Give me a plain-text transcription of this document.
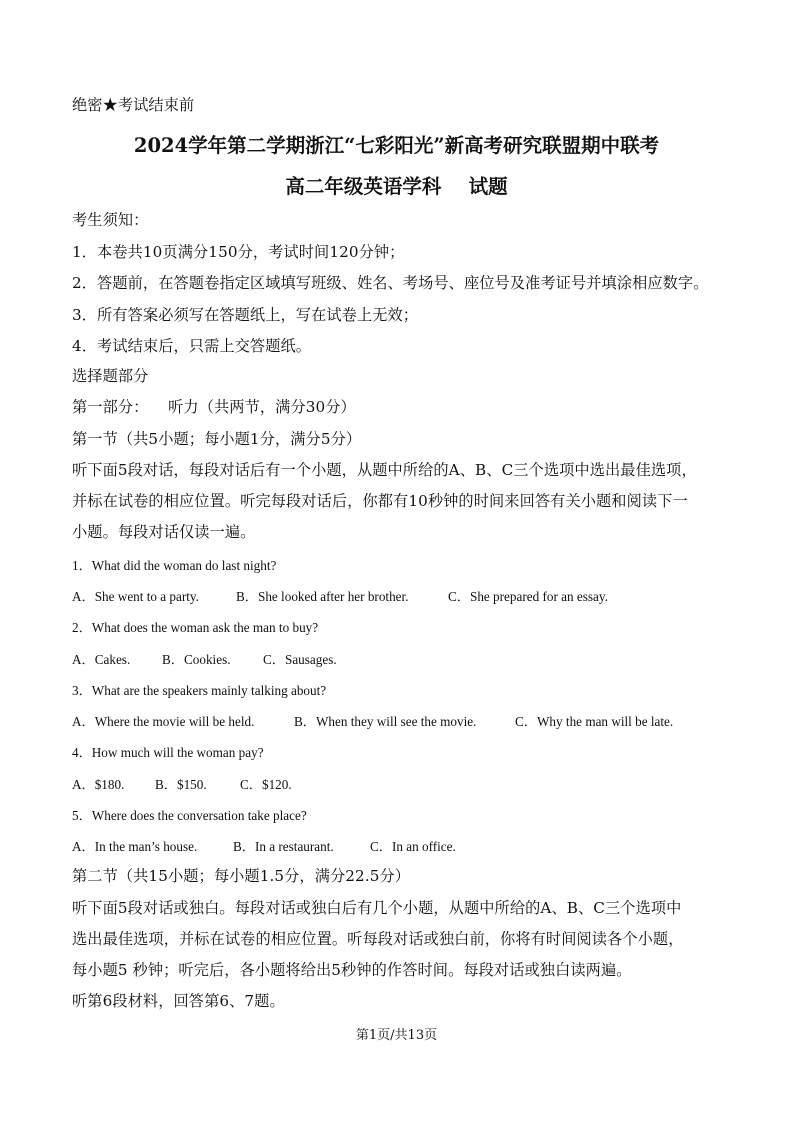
绝密★考试结束前
2024学年第二学期浙江“七彩阳光”新高考研究联盟期中联考
高二年级英语学科    试题
考生须知：
1．本卷共10页满分150分，考试时间120分钟；
2．答题前，在答题卷指定区域填写班级、姓名、考场号、座位号及准考证号并填涂相应数字。
3．所有答案必须写在答题纸上，写在试卷上无效；
4．考试结束后，只需上交答题纸。
选择题部分
第一部分：    听力（共两节，满分30分）
第一节（共5小题；每小题1分，满分5分）
听下面5段对话，每段对话后有一个小题，从题中所给的A、B、C三个选项中选出最佳选项，
并标在试卷的相应位置。听完每段对话后，你都有10秒钟的时间来回答有关小题和阅读下一
小题。每段对话仅读一遍。
1．What did the woman do last night?
A．She went to a party.	B．She looked after her brother.	C．She prepared for an essay.
2．What does the woman ask the man to buy?
A．Cakes. B．Cookies. C．Sausages.
3．What are the speakers mainly talking about?
A．Where the movie will be held.	B．When they will see the movie.	C．Why the man will be late.
4．How much will the woman pay?
A．$180. B．$150.	C．$120.
5．Where does the conversation take place?
A．In the man’s house.	B．In a restaurant.	C．In an office.
第二节（共15小题；每小题1.5分，满分22.5分）
听下面5段对话或独白。每段对话或独白后有几个小题，从题中所给的A、B、C三个选项中
选出最佳选项，并标在试卷的相应位置。听每段对话或独白前，你将有时间阅读各个小题，
每小题5 秒钟；听完后，各小题将给出5秒钟的作答时间。每段对话或独白读两遍。
听第6段材料，回答第6、7题。
第1页/共13页
